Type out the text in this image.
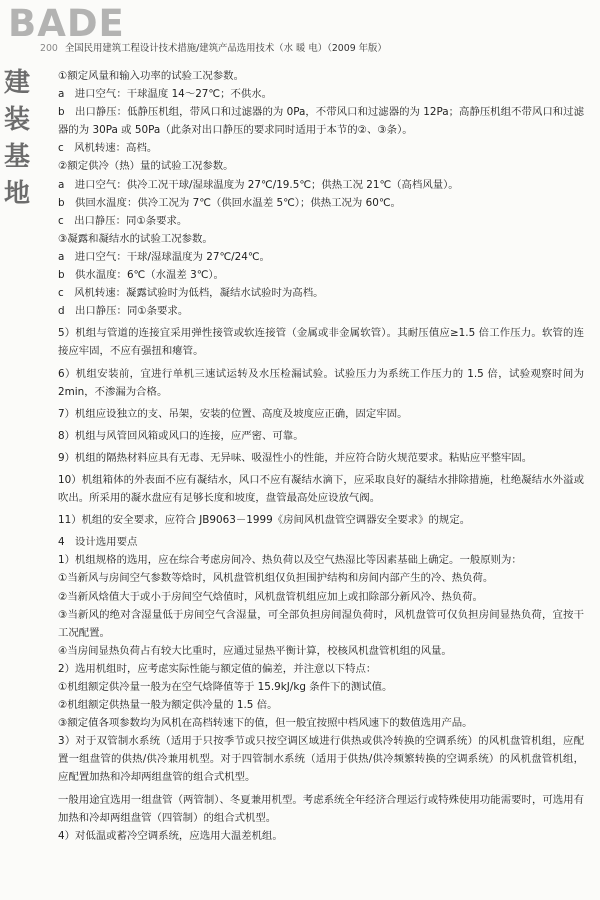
BADE
建装基地
200 全国民用建筑工程设计技术措施/建筑产品选用技术（水 暖 电）（2009 年版）

①额定风量和输入功率的试验工况参数。

a　进口空气：干球温度 14～27℃；不供水。

b　出口静压：低静压机组，带风口和过滤器的为 0Pa，不带风口和过滤器的为 12Pa；高静压机组不带风口和过滤器的为 30Pa 或 50Pa（此条对出口静压的要求同时适用于本节的②、③条）。

c　风机转速：高档。

②额定供冷（热）量的试验工况参数。

a　进口空气：供冷工况干球/湿球温度为 27℃/19.5℃；供热工况 21℃（高档风量）。

b　供回水温度：供冷工况为 7℃（供回水温差 5℃）；供热工况为 60℃。

c　出口静压：同①条要求。

③凝露和凝结水的试验工况参数。

a　进口空气：干球/湿球温度为 27℃/24℃。

b　供水温度：6℃（水温差 3℃）。

c　风机转速：凝露试验时为低档，凝结水试验时为高档。

d　出口静压：同①条要求。

5）机组与管道的连接宜采用弹性接管或软连接管（金属或非金属软管）。其耐压值应≥1.5 倍工作压力。软管的连接应牢固，不应有强扭和瘪管。

6）机组安装前，宜进行单机三速试运转及水压检漏试验。试验压力为系统工作压力的 1.5 倍，试验观察时间为 2min，不渗漏为合格。

7）机组应设独立的支、吊架，安装的位置、高度及坡度应正确，固定牢固。

8）机组与风管回风箱或风口的连接，应严密、可靠。

9）机组的隔热材料应具有无毒、无异味、吸湿性小的性能，并应符合防火规范要求。粘贴应平整牢固。

10）机组箱体的外表面不应有凝结水，风口不应有凝结水滴下，应采取良好的凝结水排除措施，杜绝凝结水外溢或吹出。所采用的凝水盘应有足够长度和坡度，盘管最高处应设放气阀。

11）机组的安全要求，应符合 JB9063－1999《房间风机盘管空调器安全要求》的规定。

4　设计选用要点

1）机组规格的选用，应在综合考虑房间冷、热负荷以及空气热湿比等因素基础上确定。一般原则为：

①当新风与房间空气参数等焓时，风机盘管机组仅负担围护结构和房间内部产生的冷、热负荷。

②当新风焓值大于或小于房间空气焓值时，风机盘管机组应加上或扣除部分新风冷、热负荷。

③当新风的绝对含湿量低于房间空气含湿量，可全部负担房间湿负荷时，风机盘管可仅负担房间显热负荷，宜按干工况配置。

④当房间显热负荷占有较大比重时，应通过显热平衡计算，校核风机盘管机组的风量。

2）选用机组时，应考虑实际性能与额定值的偏差，并注意以下特点：

①机组额定供冷量一般为在空气焓降值等于 15.9kJ/kg 条件下的测试值。

②机组额定供热量一般为额定供冷量的 1.5 倍。

③额定值各项参数均为风机在高档转速下的值，但一般宜按照中档风速下的数值选用产品。

3）对于双管制水系统（适用于只按季节或只按空调区域进行供热或供冷转换的空调系统）的风机盘管机组，应配置一组盘管的供热/供冷兼用机型。对于四管制水系统（适用于供热/供冷频繁转换的空调系统）的风机盘管机组，应配置加热和冷却两组盘管的组合式机型。

一般用途宜选用一组盘管（两管制）、冬夏兼用机型。考虑系统全年经济合理运行或特殊使用功能需要时，可选用有加热和冷却两组盘管（四管制）的组合式机型。

4）对低温或蓄冷空调系统，应选用大温差机组。
